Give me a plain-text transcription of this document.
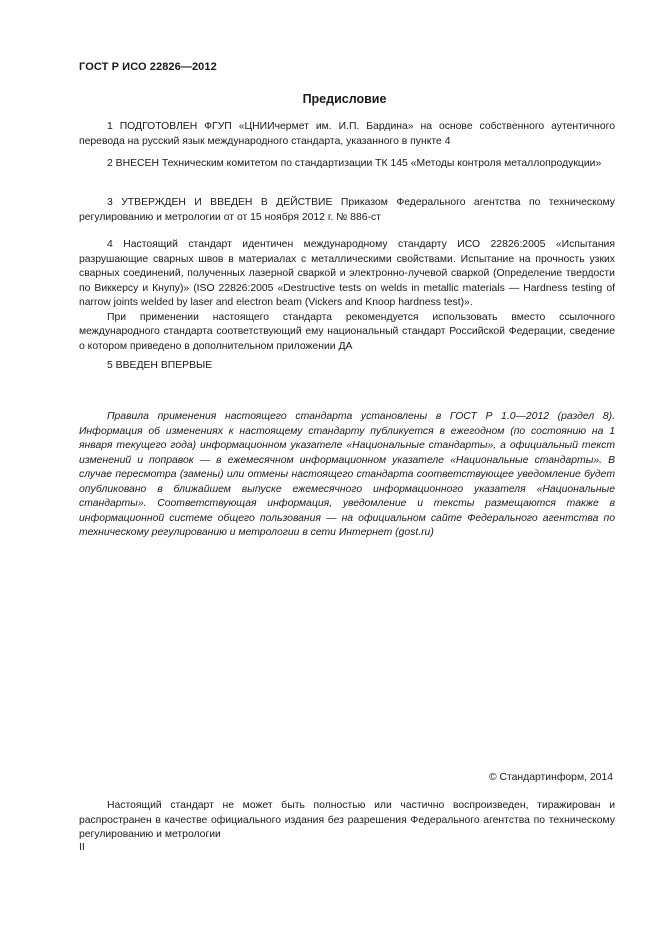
ГОСТ Р ИСО 22826—2012
Предисловие

1 ПОДГОТОВЛЕН ФГУП «ЦНИИчермет им. И.П. Бардина» на основе собственного аутентичного перевода на русский язык международного стандарта, указанного в пункте 4

2 ВНЕСЕН Техническим комитетом по стандартизации ТК 145 «Методы контроля металлопродукции»

3 УТВЕРЖДЕН И ВВЕДЕН В ДЕЙСТВИЕ Приказом Федерального агентства по техническому регулированию и метрологии от от 15 ноября 2012 г. № 886-ст

4 Настоящий стандарт идентичен международному стандарту ИСО 22826:2005 «Испытания разрушающие сварных швов в материалах с металлическими свойствами. Испытание на прочность узких сварных соединений, полученных лазерной сваркой и электронно-лучевой сваркой (Определение твердости по Виккерсу и Кнупу)» (ISO 22826:2005 «Destructive tests on welds in metallic materials — Hardness testing of narrow joints welded by laser and electron beam (Vickers and Knoop hardness test)».

При применении настоящего стандарта рекомендуется использовать вместо ссылочного международного стандарта соответствующий ему национальный стандарт Российской Федерации, сведение о котором приведено в дополнительном приложении ДА

5 ВВЕДЕН ВПЕРВЫЕ

Правила применения настоящего стандарта установлены в ГОСТ Р 1.0—2012 (раздел 8). Информация об изменениях к настоящему стандарту публикуется в ежегодном (по состоянию на 1 января текущего года) информационном указателе «Национальные стандарты», а официальный текст изменений и поправок — в ежемесячном информационном указателе «Национальные стандарты». В случае пересмотра (замены) или отмены настоящего стандарта соответствующее уведомление будет опубликовано в ближайшем выпуске ежемесячного информационного указателя «Национальные стандарты». Соответствующая информация, уведомление и тексты размещаются также в информационной системе общего пользования — на официальном сайте Федерального агентства по техническому регулированию и метрологии в сети Интернет (gost.ru)

© Стандартинформ, 2014

Настоящий стандарт не может быть полностью или частично воспроизведен, тиражирован и распространен в качестве официального издания без разрешения Федерального агентства по техническому регулированию и метрологии

II
